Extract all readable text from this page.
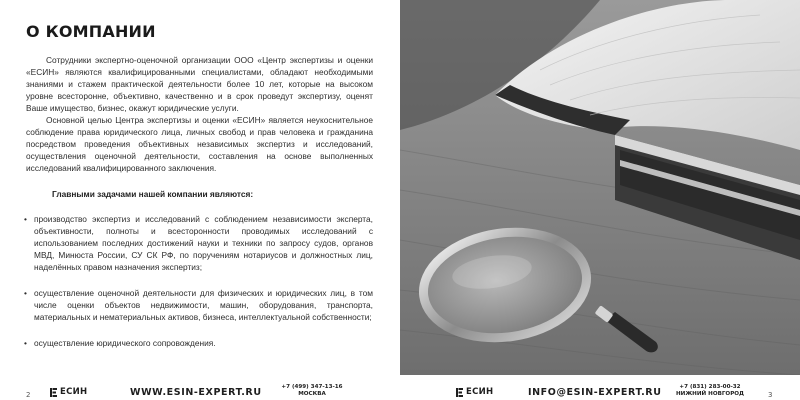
О КОМПАНИИ

Сотрудники экспертно-оценочной организации ООО «Центр экспертизы и оценки «ЕСИН» являются квалифицированными специалистами, обладают необходимыми знаниями и стажем практической деятельности более 10 лет, которые на высоком уровне всесторонне, объективно, качественно и в срок проведут экспертизу, оценят Ваше имущество, бизнес, окажут юридические услуги.

Основной целью Центра экспертизы и оценки «ЕСИН» является неукоснительное соблюдение права юридического лица, личных свобод и прав человека и гражданина посредством проведения объективных независимых экспертиз и исследований, осуществления оценочной деятельности, составления на основе выполненных исследований квалифицированного заключения.

Главными задачами нашей компании являются:
• производство экспертиз и исследований с соблюдением независимости эксперта, объективности, полноты и всесторонности проводимых исследований с использованием последних достижений науки и техники по запросу судов, органов МВД, Минюста России, СУ СК РФ, по поручениям нотариусов и должностных лиц, наделённых правом назначения экспертиз;
• осуществление оценочной деятельности для физических и юридических лиц, в том числе оценки объектов недвижимости, машин, оборудования, транспорта, материальных и нематериальных активов, бизнеса, интеллектуальной собственности;
• осуществление юридического сопровождения.
2	ЕСИН	WWW.ESIN-EXPERT.RU	+7 (499) 347-13-16
МОСКВА	ЕСИН	INFO@ESIN-EXPERT.RU	+7 (831) 283-00-32
НИЖНИЙ НОВГОРОД	3
